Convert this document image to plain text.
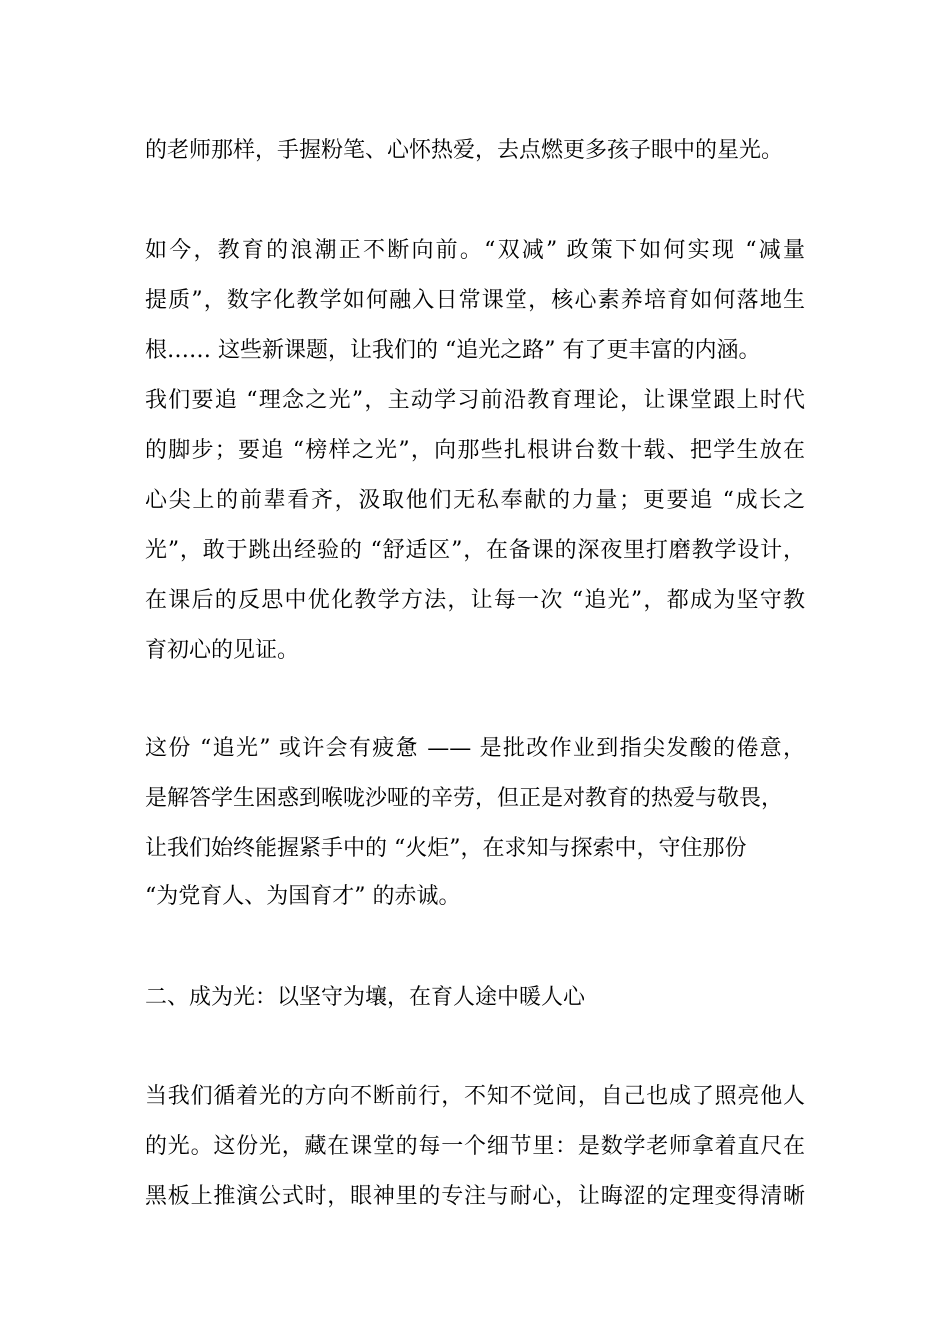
的老师那样，手握粉笔、心怀热爱，去点燃更多孩子眼中的星光。

如今，教育的浪潮正不断向前。“双减” 政策下如何实现 “减量

提质”，数字化教学如何融入日常课堂，核心素养培育如何落地生

根…… 这些新课题，让我们的 “追光之路” 有了更丰富的内涵。

我们要追 “理念之光”，主动学习前沿教育理论，让课堂跟上时代

的脚步；要追 “榜样之光”，向那些扎根讲台数十载、把学生放在

心尖上的前辈看齐，汲取他们无私奉献的力量；更要追 “成长之

光”，敢于跳出经验的 “舒适区”，在备课的深夜里打磨教学设计，

在课后的反思中优化教学方法，让每一次 “追光”，都成为坚守教

育初心的见证。

这份 “追光” 或许会有疲惫 —— 是批改作业到指尖发酸的倦意，

是解答学生困惑到喉咙沙哑的辛劳，但正是对教育的热爱与敬畏，

让我们始终能握紧手中的 “火炬”，在求知与探索中，守住那份

“为党育人、为国育才” 的赤诚。

二、成为光：以坚守为壤，在育人途中暖人心

当我们循着光的方向不断前行，不知不觉间，自己也成了照亮他人

的光。这份光，藏在课堂的每一个细节里：是数学老师拿着直尺在

黑板上推演公式时，眼神里的专注与耐心，让晦涩的定理变得清晰
